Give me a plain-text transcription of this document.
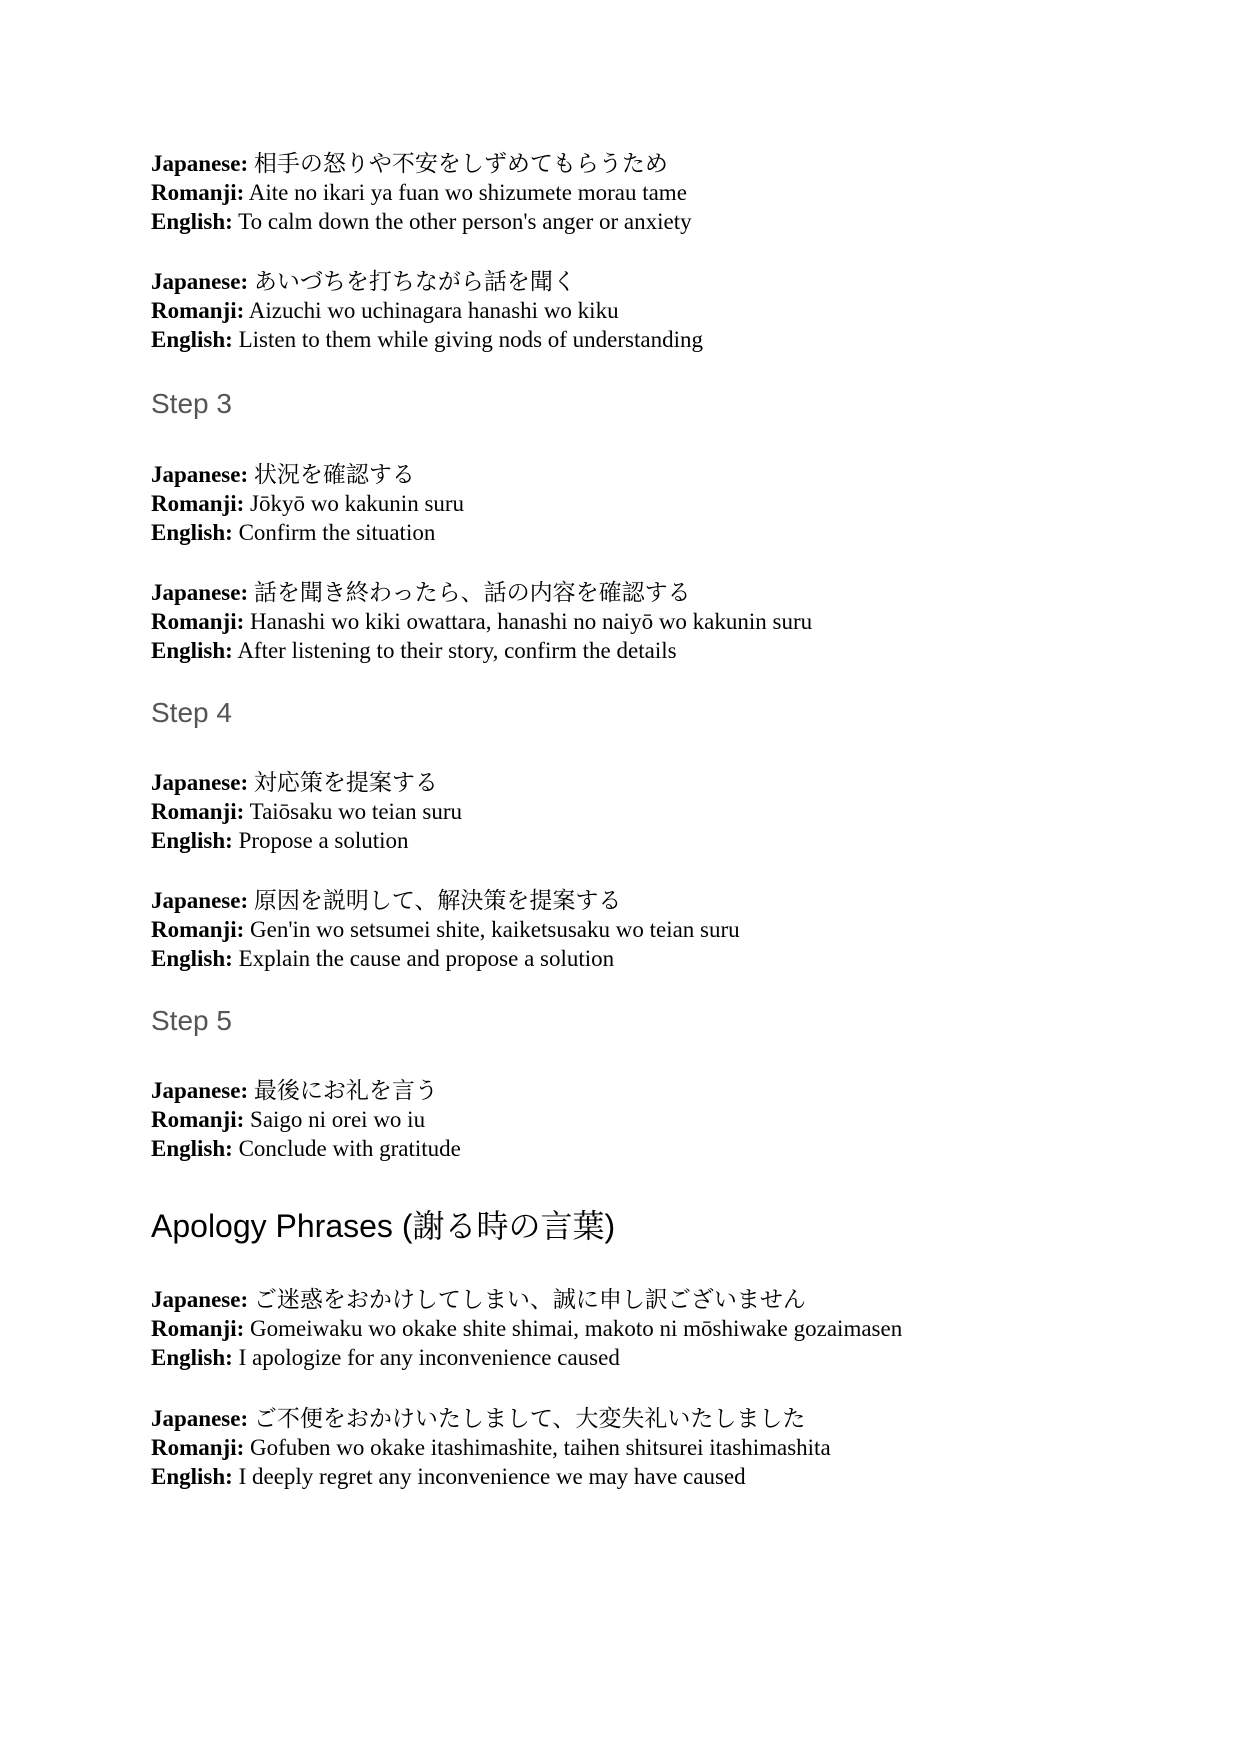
Japanese: 相手の怒りや不安をしずめてもらうため
Romanji: Aite no ikari ya fuan wo shizumete morau tame
English: To calm down the other person's anger or anxiety
Japanese: あいづちを打ちながら話を聞く
Romanji: Aizuchi wo uchinagara hanashi wo kiku
English: Listen to them while giving nods of understanding
Step 3
Japanese: 状況を確認する
Romanji: Jōkyō wo kakunin suru
English: Confirm the situation
Japanese: 話を聞き終わったら、話の内容を確認する
Romanji: Hanashi wo kiki owattara, hanashi no naiyō wo kakunin suru
English: After listening to their story, confirm the details
Step 4
Japanese: 対応策を提案する
Romanji: Taiōsaku wo teian suru
English: Propose a solution
Japanese: 原因を説明して、解決策を提案する
Romanji: Gen'in wo setsumei shite, kaiketsusaku wo teian suru
English: Explain the cause and propose a solution
Step 5
Japanese: 最後にお礼を言う
Romanji: Saigo ni orei wo iu
English: Conclude with gratitude
Apology Phrases (謝る時の言葉)
Japanese: ご迷惑をおかけしてしまい、誠に申し訳ございません
Romanji: Gomeiwaku wo okake shite shimai, makoto ni mōshiwake gozaimasen
English: I apologize for any inconvenience caused
Japanese: ご不便をおかけいたしまして、大変失礼いたしました
Romanji: Gofuben wo okake itashimashite, taihen shitsurei itashimashita
English: I deeply regret any inconvenience we may have caused
